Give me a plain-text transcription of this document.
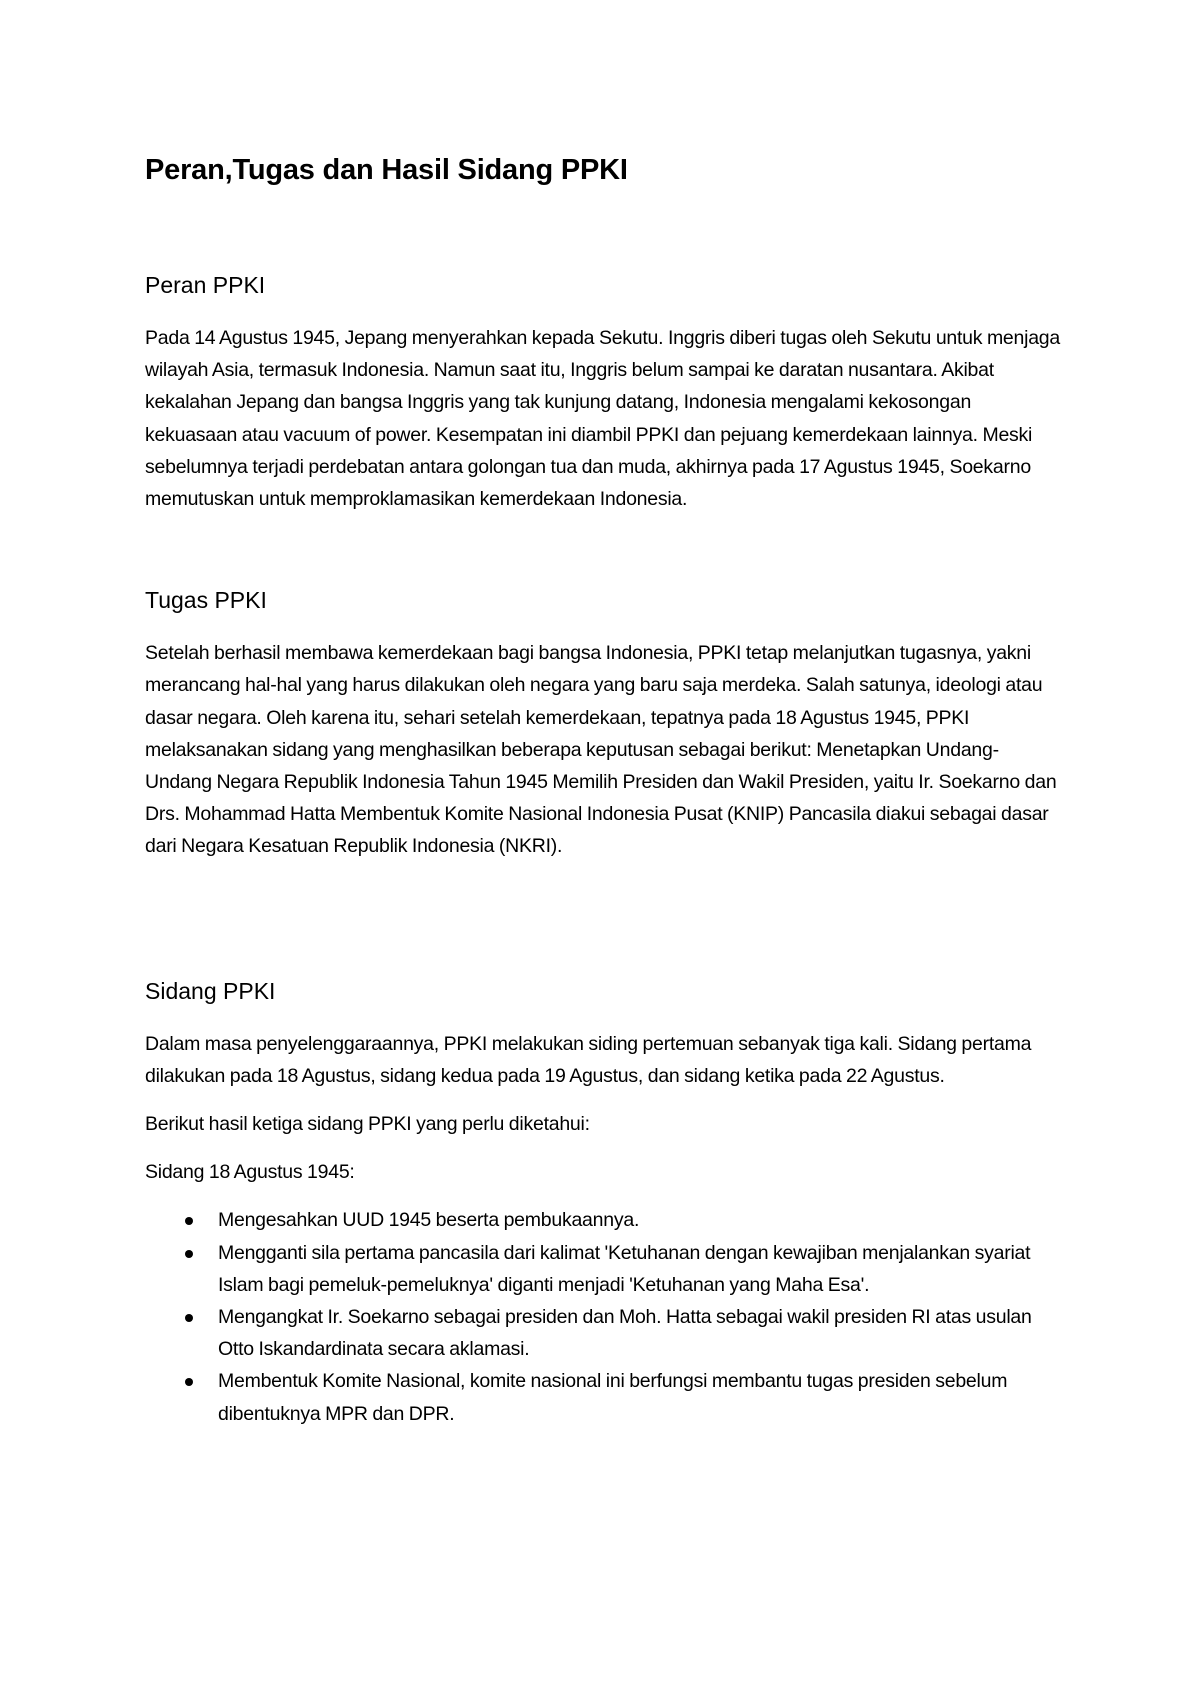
Peran,Tugas dan Hasil Sidang PPKI
Peran PPKI

Pada 14 Agustus 1945, Jepang menyerahkan kepada Sekutu. Inggris diberi tugas oleh Sekutu untuk menjaga wilayah Asia, termasuk Indonesia. Namun saat itu, Inggris belum sampai ke daratan nusantara. Akibat kekalahan Jepang dan bangsa Inggris yang tak kunjung datang, Indonesia mengalami kekosongan kekuasaan atau vacuum of power. Kesempatan ini diambil PPKI dan pejuang kemerdekaan lainnya. Meski sebelumnya terjadi perdebatan antara golongan tua dan muda, akhirnya pada 17 Agustus 1945, Soekarno memutuskan untuk memproklamasikan kemerdekaan Indonesia.

Tugas PPKI

Setelah berhasil membawa kemerdekaan bagi bangsa Indonesia, PPKI tetap melanjutkan tugasnya, yakni merancang hal-hal yang harus dilakukan oleh negara yang baru saja merdeka. Salah satunya, ideologi atau dasar negara. Oleh karena itu, sehari setelah kemerdekaan, tepatnya pada 18 Agustus 1945, PPKI melaksanakan sidang yang menghasilkan beberapa keputusan sebagai berikut: Menetapkan Undang-Undang Negara Republik Indonesia Tahun 1945 Memilih Presiden dan Wakil Presiden, yaitu Ir. Soekarno dan Drs. Mohammad Hatta Membentuk Komite Nasional Indonesia Pusat (KNIP) Pancasila diakui sebagai dasar dari Negara Kesatuan Republik Indonesia (NKRI).

Sidang PPKI

Dalam masa penyelenggaraannya, PPKI melakukan siding pertemuan sebanyak tiga kali. Sidang pertama dilakukan pada 18 Agustus, sidang kedua pada 19 Agustus, dan sidang ketika pada 22 Agustus.

Berikut hasil ketiga sidang PPKI yang perlu diketahui:

Sidang 18 Agustus 1945:

Mengesahkan UUD 1945 beserta pembukaannya.
Mengganti sila pertama pancasila dari kalimat 'Ketuhanan dengan kewajiban menjalankan syariat Islam bagi pemeluk-pemeluknya' diganti menjadi 'Ketuhanan yang Maha Esa'.
Mengangkat Ir. Soekarno sebagai presiden dan Moh. Hatta sebagai wakil presiden RI atas usulan Otto Iskandardinata secara aklamasi.
Membentuk Komite Nasional, komite nasional ini berfungsi membantu tugas presiden sebelum dibentuknya MPR dan DPR.
